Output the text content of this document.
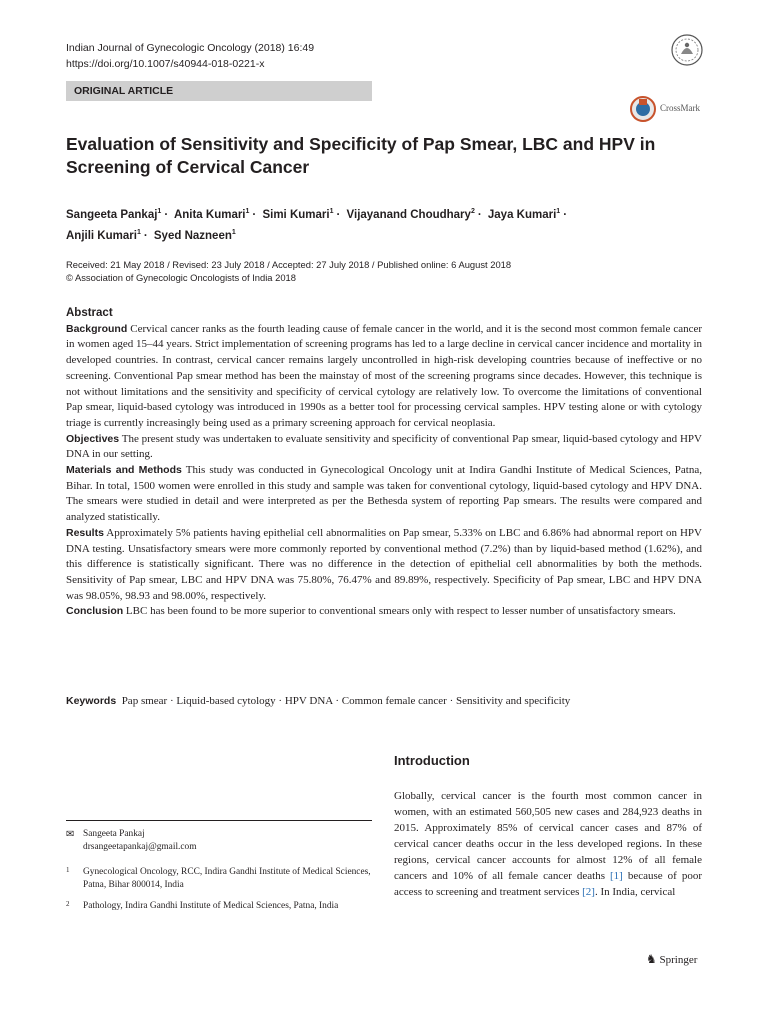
Indian Journal of Gynecologic Oncology (2018) 16:49
https://doi.org/10.1007/s40944-018-0221-x
ORIGINAL ARTICLE
CrossMark
Evaluation of Sensitivity and Specificity of Pap Smear, LBC and HPV in Screening of Cervical Cancer
Sangeeta Pankaj$^1$ · Anita Kumari$^1$ · Simi Kumari$^1$ · Vijayanand Choudhary$^2$ · Jaya Kumari$^1$ ·
Anjili Kumari$^1$ · Syed Nazneen$^1$
Received: 21 May 2018 / Revised: 23 July 2018 / Accepted: 27 July 2018 / Published online: 6 August 2018
© Association of Gynecologic Oncologists of India 2018
Abstract

Background Cervical cancer ranks as the fourth leading cause of female cancer in the world, and it is the second most common female cancer in women aged 15–44 years. Strict implementation of screening programs has led to a large decline in cervical cancer incidence and mortality in developed countries. In contrast, cervical cancer remains largely uncontrolled in high-risk developing countries because of ineffective or no screening. Conventional Pap smear method has been the mainstay of most of the screening programs since decades. However, this technique is not without limitations and the sensitivity and specificity of cervical cytology are relatively low. To overcome the limitations of conventional Pap smear, liquid-based cytology was introduced in 1990s as a better tool for processing cervical samples. HPV testing alone or with cytology triage is currently increasingly being used as a primary screening approach for cervical neoplasia.

Objectives The present study was undertaken to evaluate sensitivity and specificity of conventional Pap smear, liquid-based cytology and HPV DNA in our setting.

Materials and Methods This study was conducted in Gynecological Oncology unit at Indira Gandhi Institute of Medical Sciences, Patna, Bihar. In total, 1500 women were enrolled in this study and sample was taken for conventional cytology, liquid-based cytology and HPV DNA. The smears were studied in detail and were interpreted as per the Bethesda system of reporting Pap smears. The results were compared and analyzed statistically.

Results Approximately 5% patients having epithelial cell abnormalities on Pap smear, 5.33% on LBC and 6.86% had abnormal report on HPV DNA testing. Unsatisfactory smears were more commonly reported by conventional method (7.2%) than by liquid-based method (1.62%), and this difference is statistically significant. There was no difference in the detection of epithelial cell abnormalities by both the methods. Sensitivity of Pap smear, LBC and HPV DNA was 75.80%, 76.47% and 89.89%, respectively. Specificity of Pap smear, LBC and HPV DNA was 98.05%, 98.93 and 98.00%, respectively.

Conclusion LBC has been found to be more superior to conventional smears only with respect to lesser number of unsatisfactory smears.

Keywords Pap smear · Liquid-based cytology · HPV DNA · Common female cancer · Sensitivity and specificity
Introduction
Globally, cervical cancer is the fourth most common cancer in women, with an estimated 560,505 new cases and 284,923 deaths in 2015. Approximately 85% of cervical cancer cases and 87% of cervical cancer deaths occur in the less developed regions. In these regions, cervical cancer accounts for almost 12% of all female cancers and 10% of all female cancer deaths [1] because of poor access to screening and treatment services [2]. In India, cervical
✉ Sangeeta Pankaj
drsangeetapankaj@gmail.com
1 Gynecological Oncology, RCC, Indira Gandhi Institute of Medical Sciences, Patna, Bihar 800014, India
2 Pathology, Indira Gandhi Institute of Medical Sciences, Patna, India
♞ Springer
